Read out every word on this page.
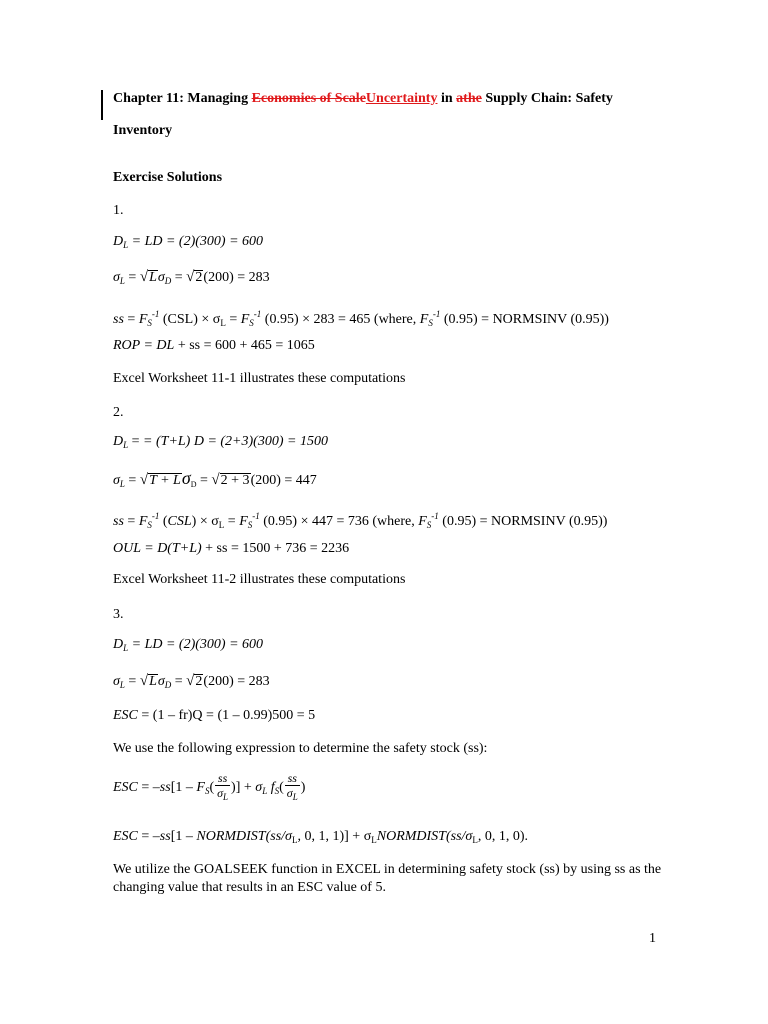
Chapter 11: Managing Economies of ScaleUncertainty in athe Supply Chain: Safety
Inventory
Exercise Solutions
1.
$D_L$ = LD = (2)(300) = 600
$\sigma_L = √L\sigma_D = √2(200) = 283$
ss = $F_S^{-1}$ $(CSL) \times \sigma_L = F_S^{-1}$ (0.95) × 283 = 465 (where, $F_S^{-1}$ (0.95) = NORMSINV (0.95))
ROP = DL + ss = 600 + 465 = 1065
Excel Worksheet 11-1 illustrates these computations
2.
$D_L$ = = (T+L) D = (2+3)(300) = 1500
$\sigma_L = √T + L\sigma_D = √2 + 3(200) = 447$
ss = $F_S^{-1}$ $(CSL) \times \sigma_L = F_S^{-1}$ (0.95) × 447 = 736 (where, $F_S^{-1}$ (0.95) = NORMSINV (0.95))
OUL = D(T+L) + ss = 1500 + 736 = 2236
Excel Worksheet 11-2 illustrates these computations
3.
$D_L$ = LD = (2)(300) = 600
$\sigma_L = √L\sigma_D = √2(200) = 283$
ESC = (1 – fr)Q = (1 – 0.99)500 = 5
We use the following expression to determine the safety stock (ss):
ESC = $-ss[1 - F_S( \frac{ss}{\sigma_L}$ )] + $\sigma_L$ $f_S( \frac{ss}{\sigma_L}$ )
ESC = $-ss[1 - NORMDIST(ss/\sigma_L$, 0, 1, $1)] + \sigma_LNORMDIST(ss/\sigma_L$, 0, 1, 0).
We utilize the GOALSEEK function in EXCEL in determining safety stock (ss) by using ss as the changing value that results in an ESC value of 5.
1
